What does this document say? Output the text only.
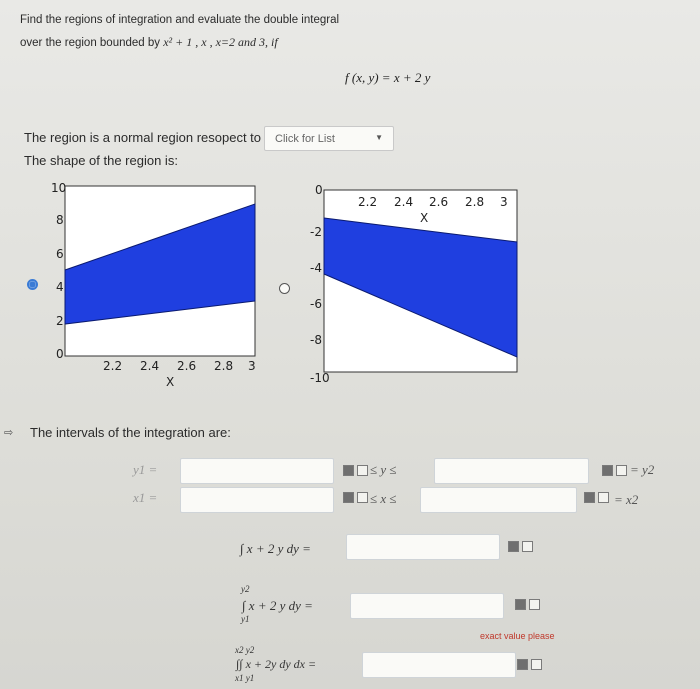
Find the regions of integration and evaluate the double integral
over the region bounded by x² + 1 , x , x=2 and 3, if
f (x, y) = x + 2 y
The region is a normal region resopect to Click for List	▼
The shape of the region is:
2.2 2.4 2.6 2.8 3
X
10
8
6
4
2
0
2.2 2.4 2.6 2.8 3
X
0
-2
-4
-6
-8
-10
⇨ The intervals of the integration are:
y1 =	≤ y ≤	= y2
x1 =	≤ x ≤	= x2
∫ x + 2 y dy =
y2
∫ x + 2 y dy =
y1
exact value please
x2 y2
∫∫ x + 2y dy dx =
x1 y1
